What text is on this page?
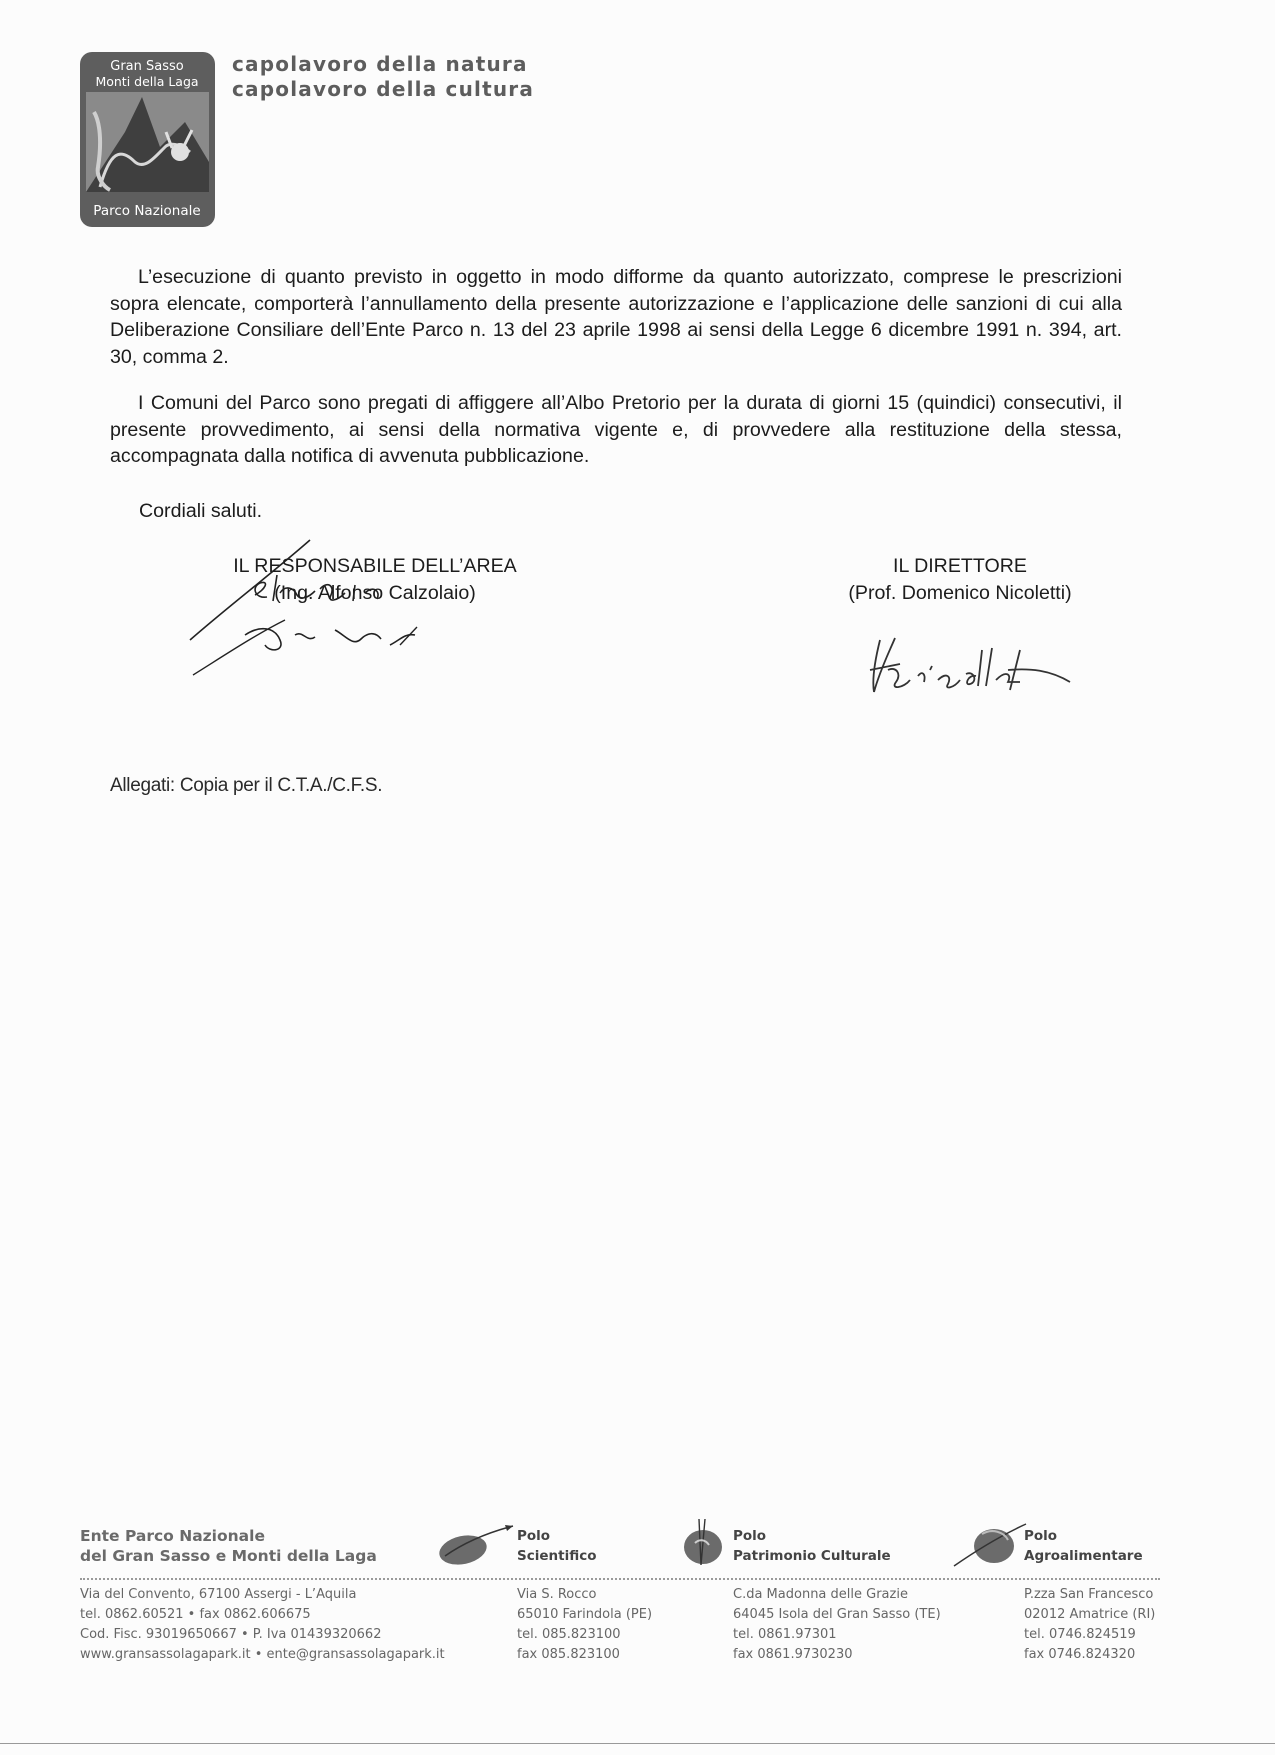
Gran Sasso
Monti della Laga
Parco Nazionale
capolavoro della natura
capolavoro della cultura
L’esecuzione di quanto previsto in oggetto in modo difforme da quanto autorizzato, comprese le prescrizioni sopra elencate, comporterà l’annullamento della presente autorizzazione e l’applicazione delle sanzioni di cui alla Deliberazione Consiliare dell’Ente Parco n. 13 del 23 aprile 1998 ai sensi della Legge 6 dicembre 1991 n. 394, art. 30, comma 2.
I Comuni del Parco sono pregati di affiggere all’Albo Pretorio per la durata di giorni 15 (quindici) consecutivi, il presente provvedimento, ai sensi della normativa vigente e, di provvedere alla restituzione della stessa, accompagnata dalla notifica di avvenuta pubblicazione.
Cordiali saluti.
IL RESPONSABILE DELL’AREA
(Ing. Alfonso Calzolaio)
IL DIRETTORE
(Prof. Domenico Nicoletti)
Allegati: Copia per il C.T.A./C.F.S.
Ente Parco Nazionale
del Gran Sasso e Monti della Laga
Polo
Scientifico
Polo
Patrimonio Culturale
Polo
Agroalimentare
Via del Convento, 67100 Assergi - L’Aquila
tel. 0862.60521 • fax 0862.606675
Cod. Fisc. 93019650667 • P. Iva 01439320662
www.gransassolagapark.it • ente@gransassolagapark.it
Via S. Rocco
65010 Farindola (PE)
tel. 085.823100
fax 085.823100
C.da Madonna delle Grazie
64045 Isola del Gran Sasso (TE)
tel. 0861.97301
fax 0861.9730230
P.zza San Francesco
02012 Amatrice (RI)
tel. 0746.824519
fax 0746.824320
